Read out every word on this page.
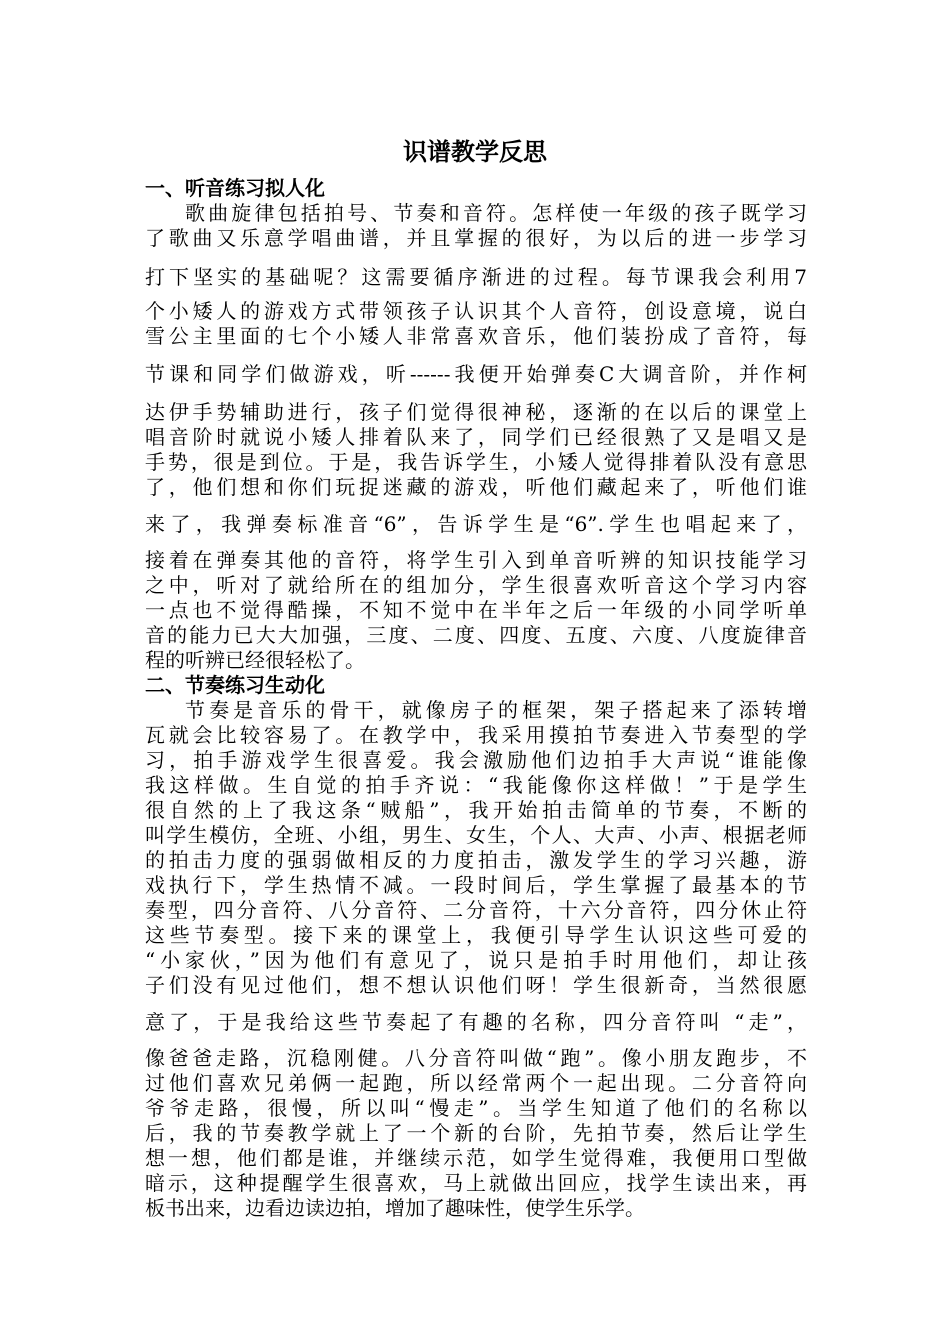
识谱教学反思
一、听音练习拟人化
歌曲旋律包括拍号、节奏和音符。怎样使一年级的孩子既学习
了歌曲又乐意学唱曲谱，并且掌握的很好，为以后的进一步学习
打下坚实的基础呢？这需要循序渐进的过程。每节课我会利用7
个小矮人的游戏方式带领孩子认识其个人音符，创设意境，说白
雪公主里面的七个小矮人非常喜欢音乐，他们装扮成了音符，每
节课和同学们做游戏，听------我便开始弹奏C大调音阶，并作柯
达伊手势辅助进行，孩子们觉得很神秘，逐渐的在以后的课堂上
唱音阶时就说小矮人排着队来了，同学们已经很熟了又是唱又是
手势，很是到位。于是，我告诉学生，小矮人觉得排着队没有意思
了，他们想和你们玩捉迷藏的游戏，听他们藏起来了，听他们谁
来了，我弹奏标准音“6”，告诉学生是“6”.学生也唱起来了，
接着在弹奏其他的音符，将学生引入到单音听辨的知识技能学习
之中，听对了就给所在的组加分，学生很喜欢听音这个学习内容
一点也不觉得酷操，不知不觉中在半年之后一年级的小同学听单
音的能力已大大加强，三度、二度、四度、五度、六度、八度旋律音
程的听辨已经很轻松了。
二、节奏练习生动化
节奏是音乐的骨干，就像房子的框架，架子搭起来了添转增
瓦就会比较容易了。在教学中，我采用摸拍节奏进入节奏型的学
习，拍手游戏学生很喜爱。我会激励他们边拍手大声说“谁能像
我这样做。生自觉的拍手齐说：“我能像你这样做！”于是学生
很自然的上了我这条“贼船”，我开始拍击简单的节奏，不断的
叫学生模仿，全班、小组，男生、女生，个人、大声、小声、根据老师
的拍击力度的强弱做相反的力度拍击，激发学生的学习兴趣，游
戏执行下，学生热情不减。一段时间后，学生掌握了最基本的节
奏型，四分音符、八分音符、二分音符，十六分音符，四分休止符
这些节奏型。接下来的课堂上，我便引导学生认识这些可爱的
“小家伙，”因为他们有意见了，说只是拍手时用他们，却让孩
子们没有见过他们，想不想认识他们呀！学生很新奇，当然很愿
意了，于是我给这些节奏起了有趣的名称，四分音符叫 “走”，
像爸爸走路，沉稳刚健。八分音符叫做“跑”。像小朋友跑步，不
过他们喜欢兄弟俩一起跑，所以经常两个一起出现。二分音符向
爷爷走路，很慢，所以叫“慢走”。当学生知道了他们的名称以
后，我的节奏教学就上了一个新的台阶，先拍节奏，然后让学生
想一想，他们都是谁，并继续示范，如学生觉得难，我便用口型做
暗示，这种提醒学生很喜欢，马上就做出回应，找学生读出来，再
板书出来，边看边读边拍，增加了趣味性，使学生乐学。
